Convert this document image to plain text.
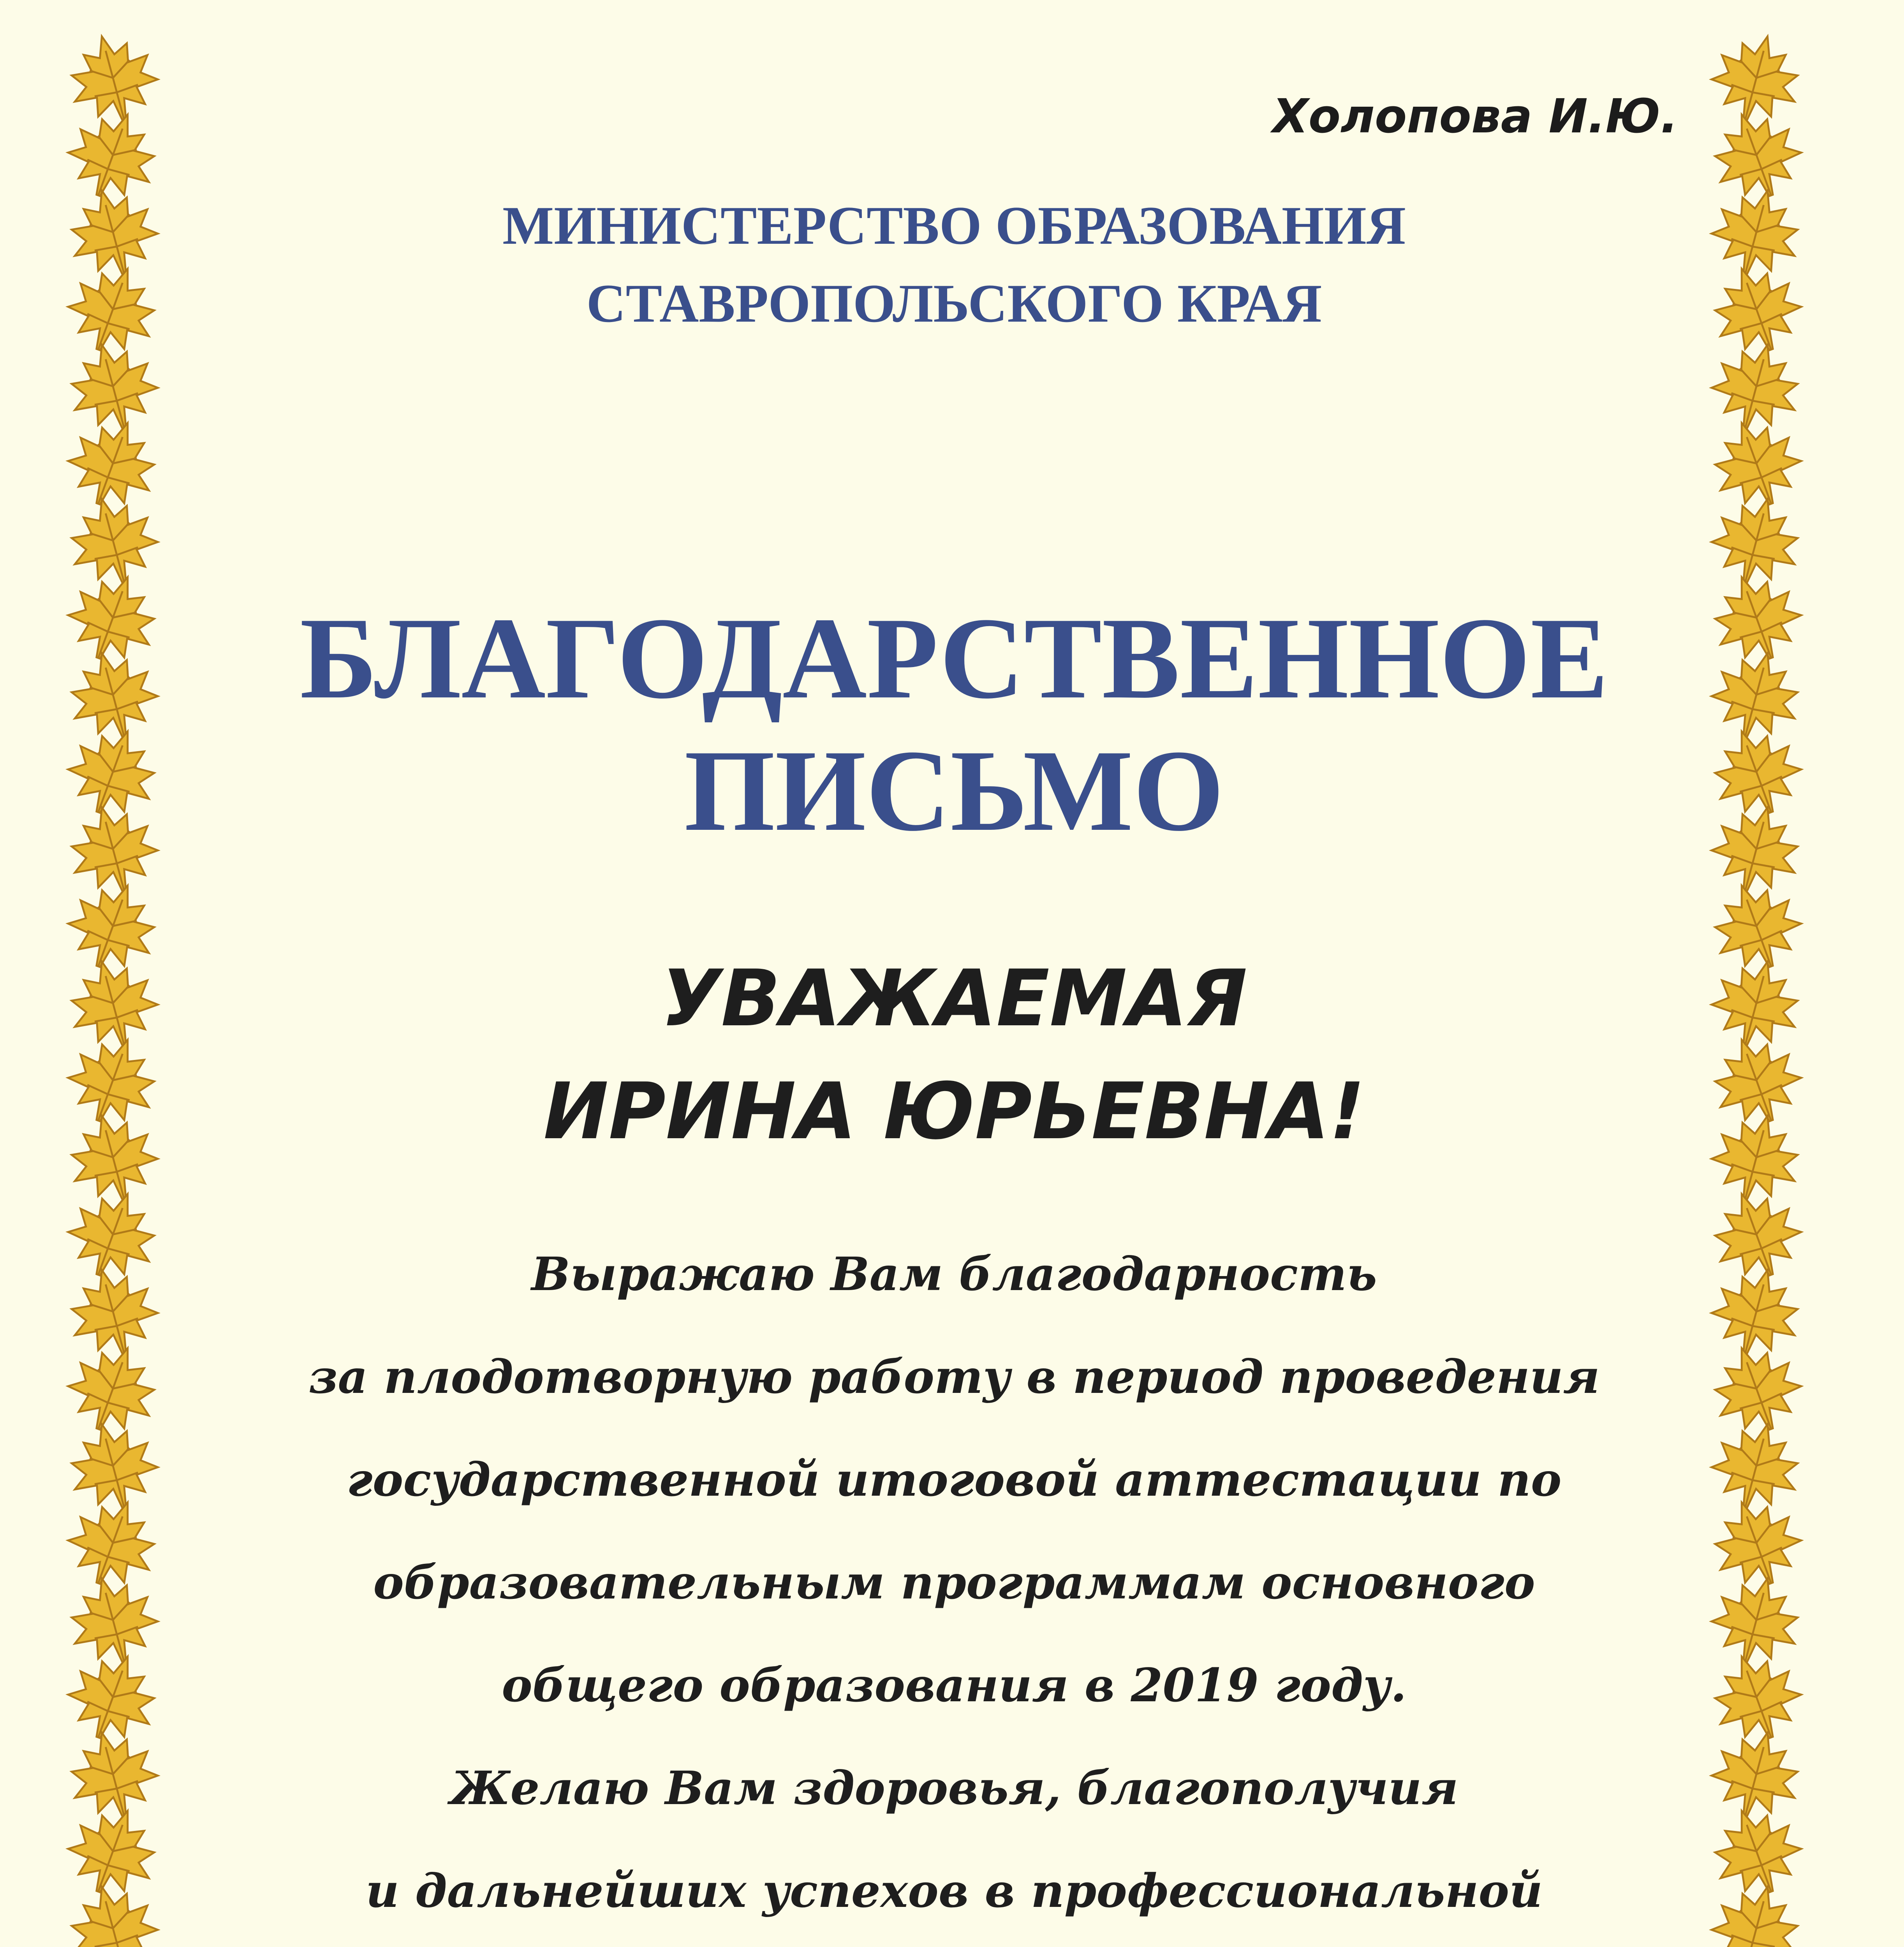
Холопова И.Ю.
МИНИСТЕРСТВО ОБРАЗОВАНИЯ
СТАВРОПОЛЬСКОГО КРАЯ
БЛАГОДАРСТВЕННОЕ
ПИСЬМО
УВАЖАЕМАЯ
ИРИНА ЮРЬЕВНА!
Выражаю Вам благодарность
за плодотворную работу в период проведения
государственной итоговой аттестации по
образовательным программам основного
общего образования в 2019 году.
Желаю Вам здоровья, благополучия
и дальнейших успехов в профессиональной
